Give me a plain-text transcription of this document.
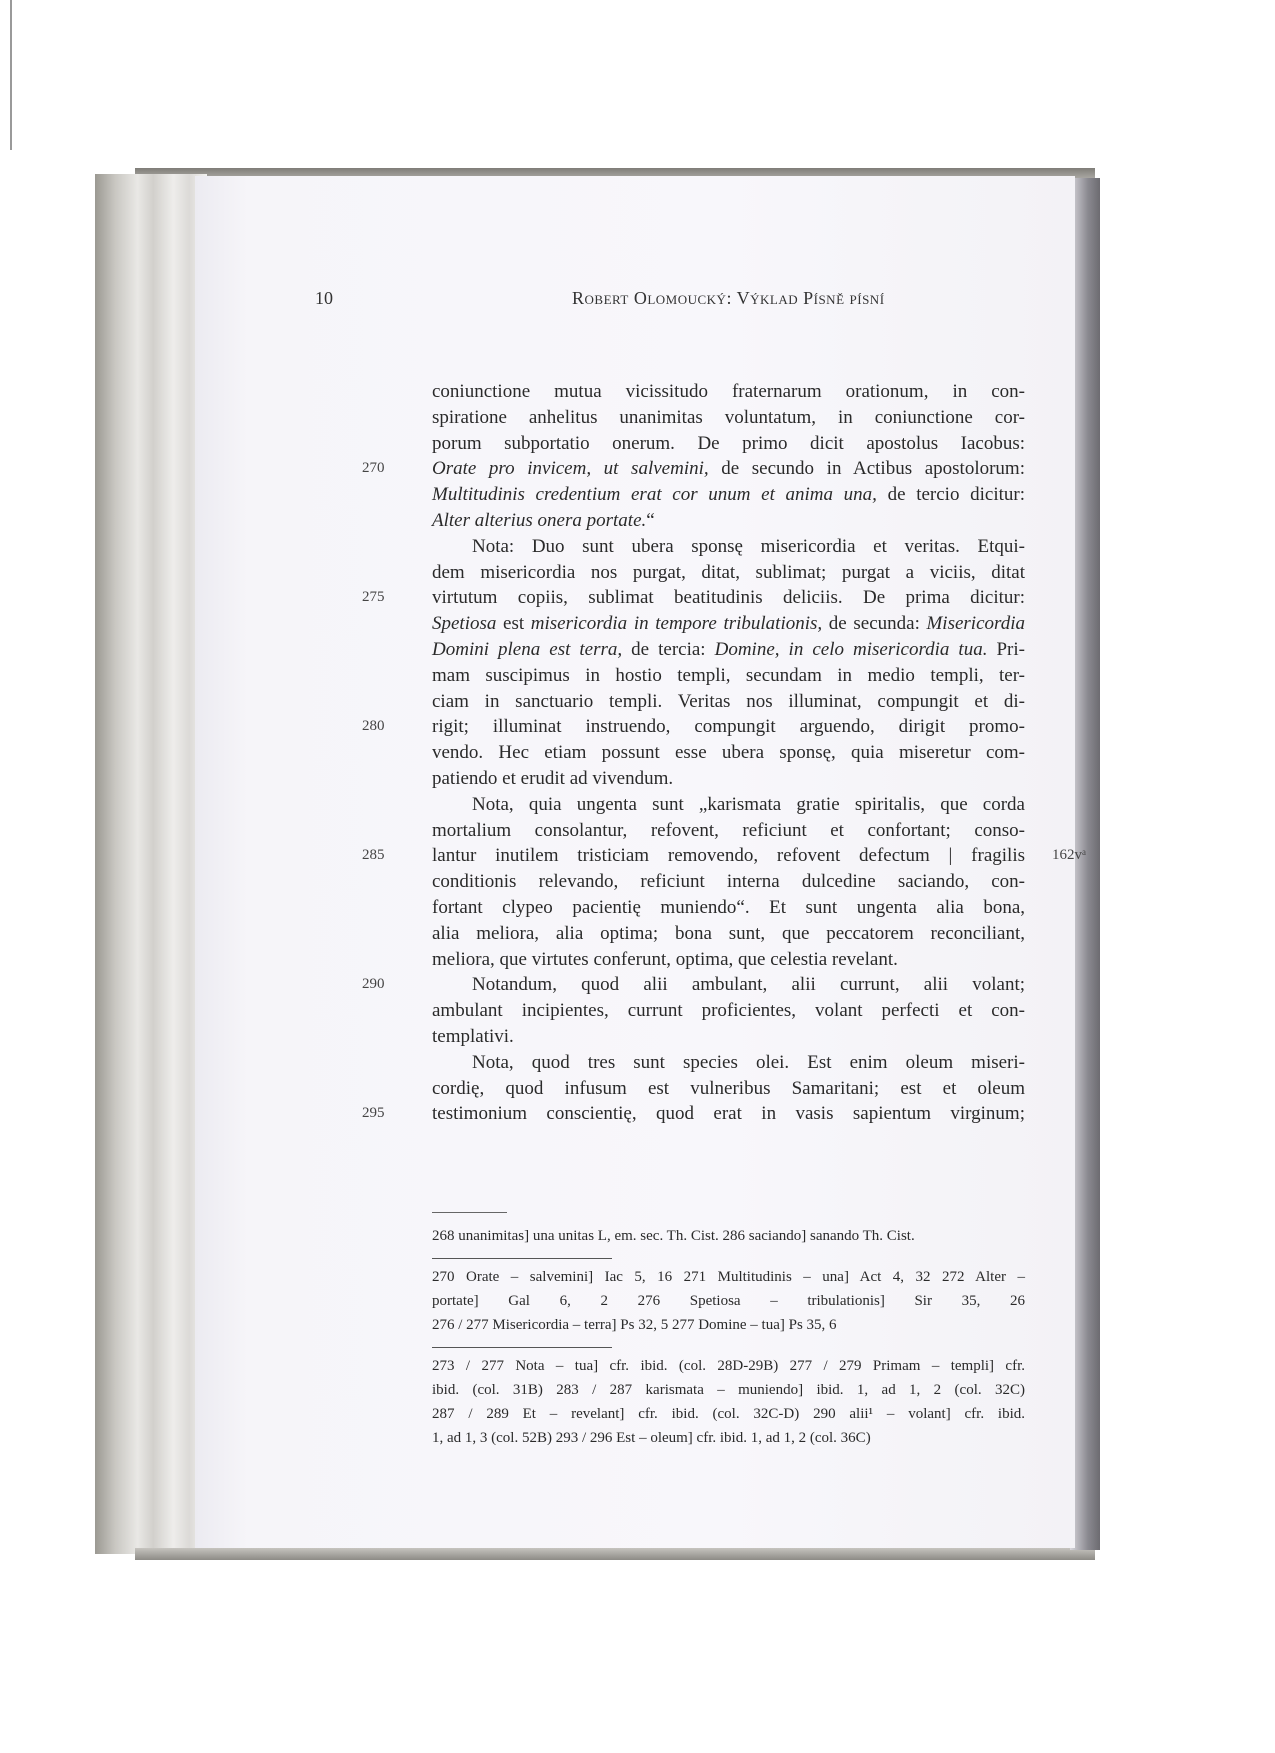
10	Robert Olomoucký: Výklad Písně písní
coniunctione mutua vicissitudo fraternarum orationum, in con-
spiratione anhelitus unanimitas voluntatum, in coniunctione cor-
porum subportatio onerum. De primo dicit apostolus Iacobus:
270	Orate pro invicem, ut salvemini, de secundo in Actibus apostolorum:
Multitudinis credentium erat cor unum et anima una, de tercio dicitur:
Alter alterius onera portate.“
Nota: Duo sunt ubera sponsę misericordia et veritas. Etqui-
dem misericordia nos purgat, ditat, sublimat; purgat a viciis, ditat
275	virtutum copiis, sublimat beatitudinis deliciis. De prima dicitur:
Spetiosa est misericordia in tempore tribulationis, de secunda: Misericordia
Domini plena est terra, de tercia: Domine, in celo misericordia tua. Pri-
mam suscipimus in hostio templi, secundam in medio templi, ter-
ciam in sanctuario templi. Veritas nos illuminat, compungit et di-
280	rigit; illuminat instruendo, compungit arguendo, dirigit promo-
vendo. Hec etiam possunt esse ubera sponsę, quia miseretur com-
patiendo et erudit ad vivendum.
Nota, quia ungenta sunt „karismata gratie spiritalis, que corda
mortalium consolantur, refovent, reficiunt et confortant; conso-
285	lantur inutilem tristiciam removendo, refovent defectum | fragilis 162vᵃ
conditionis relevando, reficiunt interna dulcedine saciando, con-
fortant clypeo pacientię muniendo“. Et sunt ungenta alia bona,
alia meliora, alia optima; bona sunt, que peccatorem reconciliant,
meliora, que virtutes conferunt, optima, que celestia revelant.
290	Notandum, quod alii ambulant, alii currunt, alii volant;
ambulant incipientes, currunt proficientes, volant perfecti et con-
templativi.
Nota, quod tres sunt species olei. Est enim oleum miseri-
cordię, quod infusum est vulneribus Samaritani; est et oleum
295	testimonium conscientię, quod erat in vasis sapientum virginum;
268 unanimitas] una unitas L, em. sec. Th. Cist. 286 saciando] sanando Th. Cist.
270 Orate – salvemini] Iac 5, 16 271 Multitudinis – una] Act 4, 32 272 Alter –
portate] Gal 6, 2 276 Spetiosa – tribulationis] Sir 35, 26
276 / 277 Misericordia – terra] Ps 32, 5 277 Domine – tua] Ps 35, 6
273 / 277 Nota – tua] cfr. ibid. (col. 28D-29B) 277 / 279 Primam – templi] cfr.
ibid. (col. 31B) 283 / 287 karismata – muniendo] ibid. 1, ad 1, 2 (col. 32C)
287 / 289 Et – revelant] cfr. ibid. (col. 32C-D) 290 alii¹ – volant] cfr. ibid.
1, ad 1, 3 (col. 52B) 293 / 296 Est – oleum] cfr. ibid. 1, ad 1, 2 (col. 36C)
